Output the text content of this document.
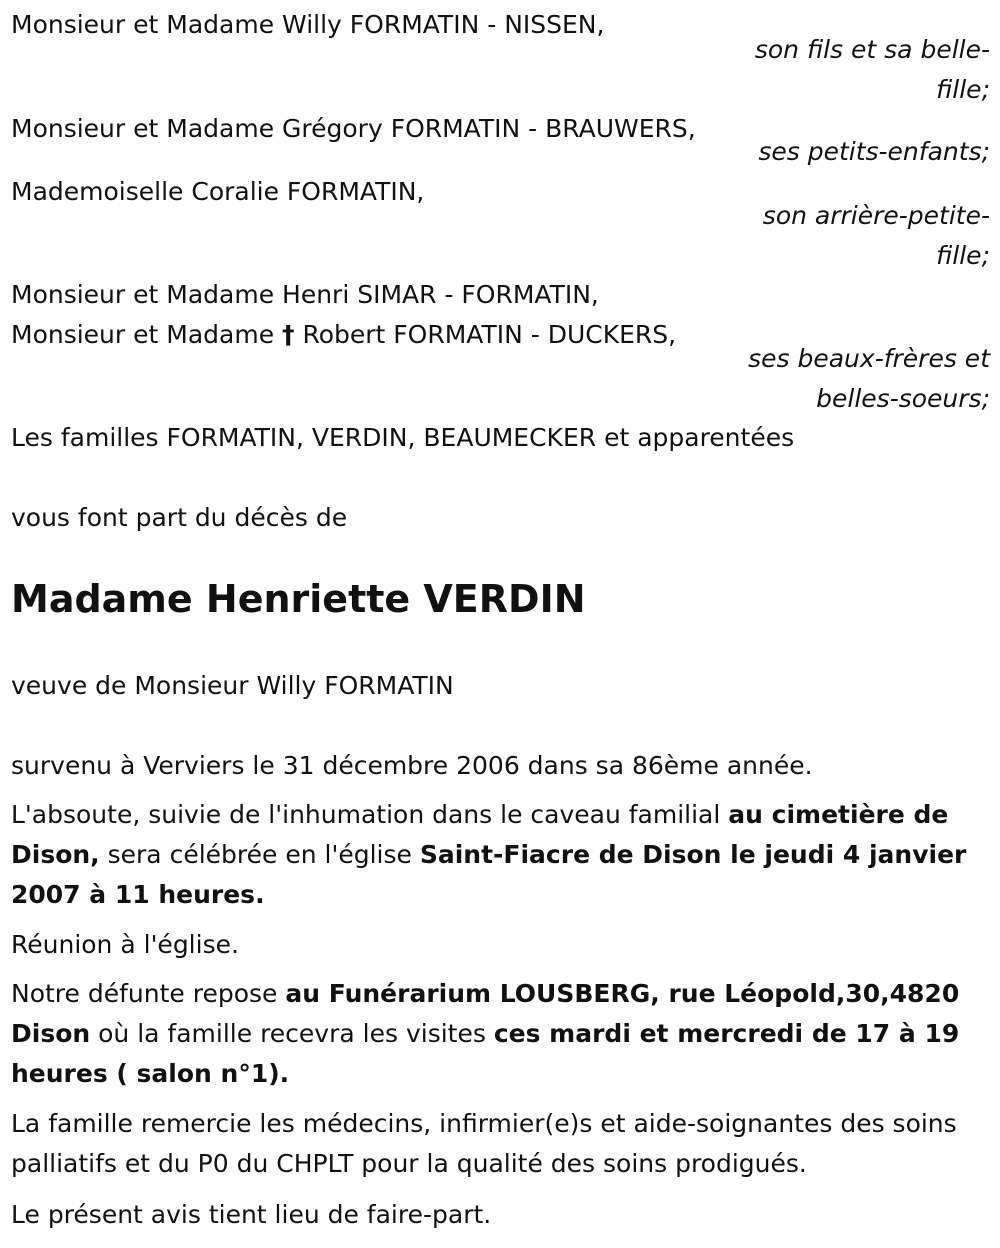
Monsieur et Madame Willy FORMATIN - NISSEN,
son fils et sa belle-fille;
Monsieur et Madame Grégory FORMATIN - BRAUWERS,
ses petits-enfants;
Mademoiselle Coralie FORMATIN,
son arrière-petite-fille;
Monsieur et Madame Henri SIMAR - FORMATIN,
Monsieur et Madame † Robert FORMATIN - DUCKERS,
ses beaux-frères et belles-soeurs;
Les familles FORMATIN, VERDIN, BEAUMECKER et apparentées
vous font part du décès de
Madame Henriette VERDIN
veuve de Monsieur Willy FORMATIN
survenu à Verviers le 31 décembre 2006 dans sa 86ème année.
L'absoute, suivie de l'inhumation dans le caveau familial au cimetière de Dison, sera célébrée en l'église Saint-Fiacre de Dison le jeudi 4 janvier 2007 à 11 heures.
Réunion à l'église.
Notre défunte repose au Funérarium LOUSBERG, rue Léopold,30,4820 Dison où la famille recevra les visites ces mardi et mercredi de 17 à 19 heures ( salon n°1).
La famille remercie les médecins, infirmier(e)s et aide-soignantes des soins palliatifs et du P0 du CHPLT pour la qualité des soins prodigués.
Le présent avis tient lieu de faire-part.
